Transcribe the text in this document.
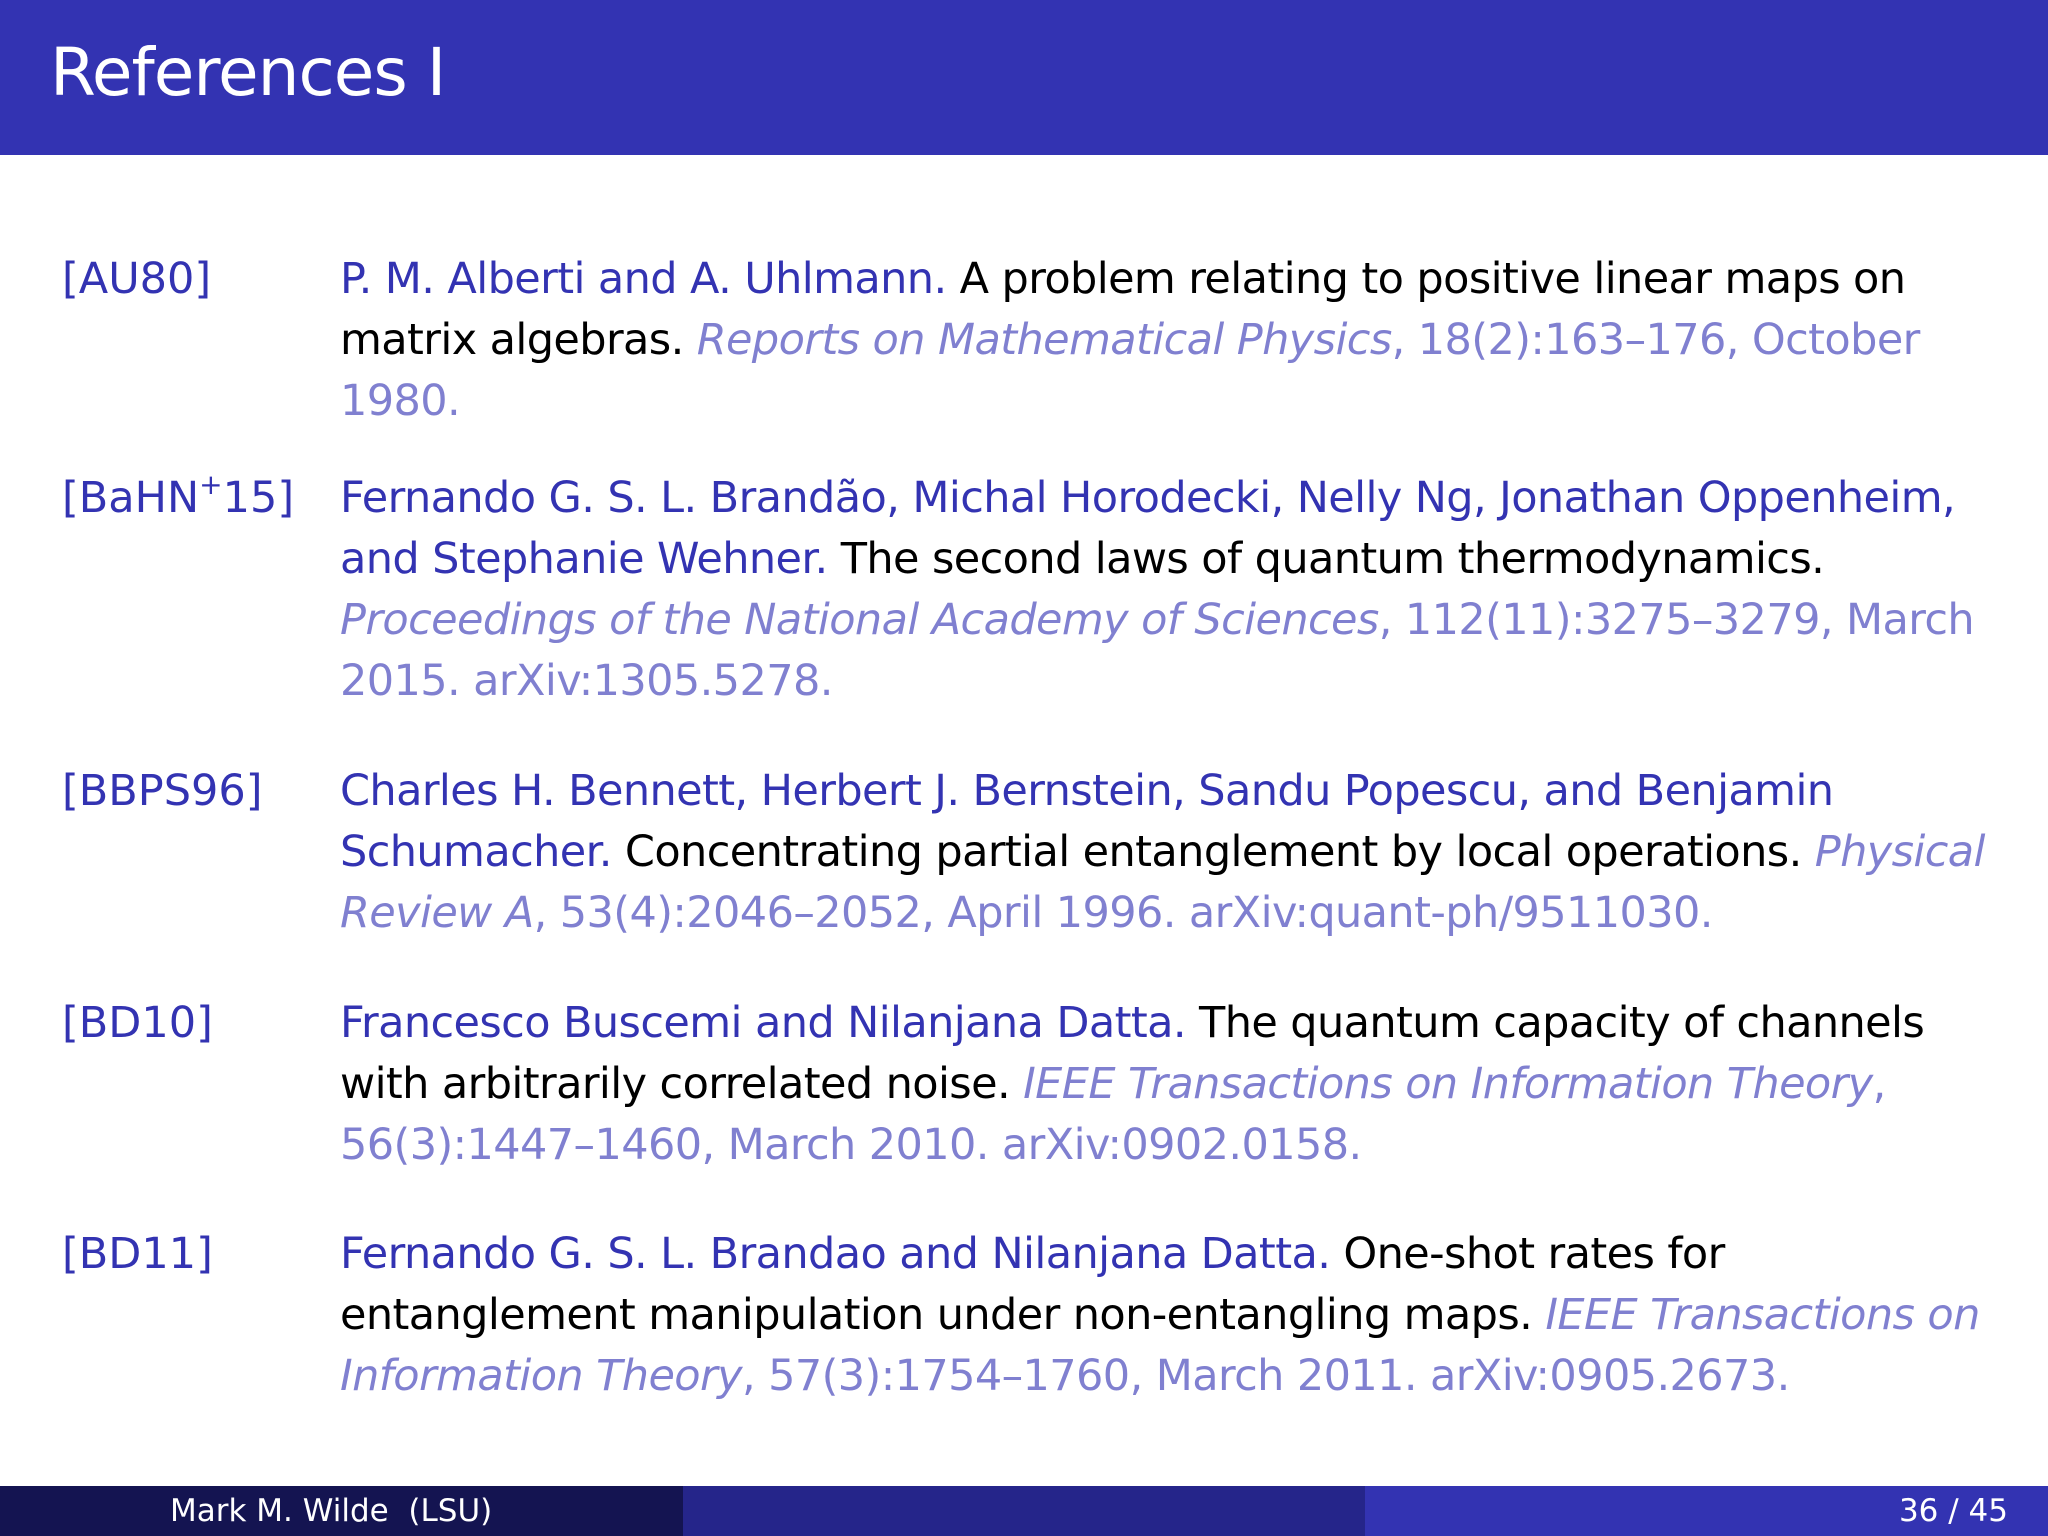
References I
[AU80]	P. M. Alberti and A. Uhlmann. A problem relating to positive linear maps on matrix algebras. Reports on Mathematical Physics, 18(2):163–176, October 1980.
[BaHN+15] Fernando G. S. L. Brandão, Michal Horodecki, Nelly Ng, Jonathan Oppenheim, and Stephanie Wehner. The second laws of quantum thermodynamics. Proceedings of the National Academy of Sciences, 112(11):3275–3279, March 2015. arXiv:1305.5278.
[BBPS96] Charles H. Bennett, Herbert J. Bernstein, Sandu Popescu, and Benjamin Schumacher. Concentrating partial entanglement by local operations. Physical Review A, 53(4):2046–2052, April 1996. arXiv:quant-ph/9511030.
[BD10]	Francesco Buscemi and Nilanjana Datta. The quantum capacity of channels with arbitrarily correlated noise. IEEE Transactions on Information Theory, 56(3):1447–1460, March 2010. arXiv:0902.0158.
[BD11]	Fernando G. S. L. Brandao and Nilanjana Datta. One-shot rates for entanglement manipulation under non-entangling maps. IEEE Transactions on Information Theory, 57(3):1754–1760, March 2011. arXiv:0905.2673.
Mark M. Wilde  (LSU)	36 / 45
